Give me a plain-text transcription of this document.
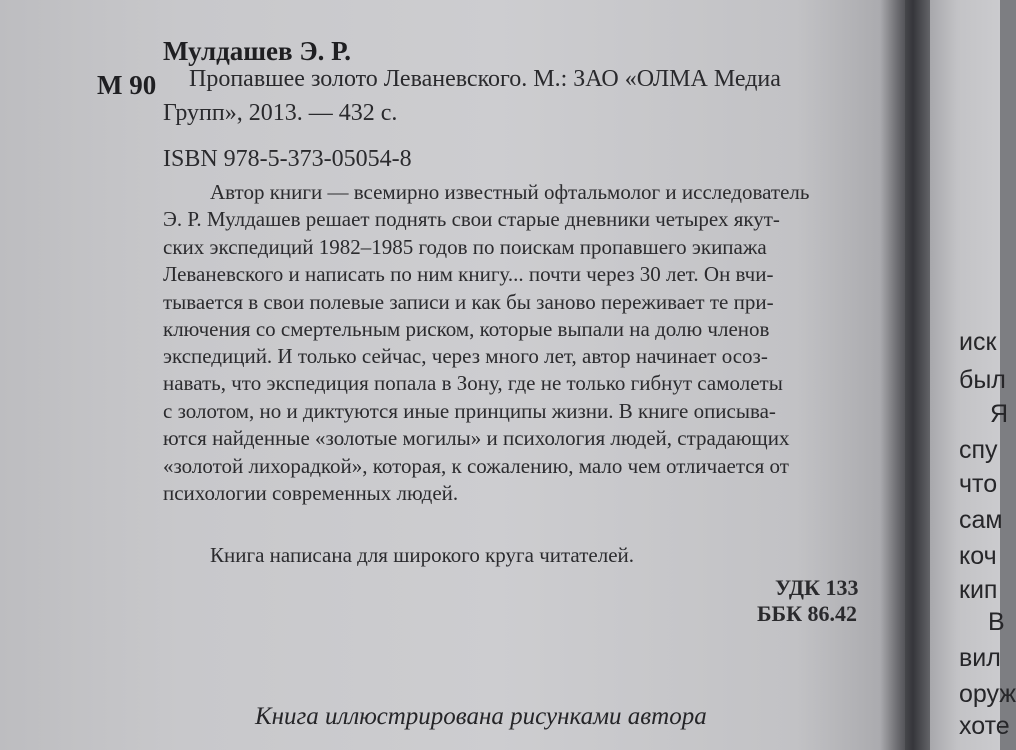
Мулдашев Э. Р.
М 90 Пропавшее золото Леваневского. М.: ЗАО «ОЛМА Медиа
Групп», 2013. — 432 с.
ISBN 978-5-373-05054-8
Автор книги — всемирно известный офтальмолог и исследователь
Э. Р. Мулдашев решает поднять свои старые дневники четырех якут-
ских экспедиций 1982–1985 годов по поискам пропавшего экипажа
Леваневского и написать по ним книгу... почти через 30 лет. Он вчи-
тывается в свои полевые записи и как бы заново переживает те при-
ключения со смертельным риском, которые выпали на долю членов
экспедиций. И только сейчас, через много лет, автор начинает осоз-
навать, что экспедиция попала в Зону, где не только гибнут самолеты
с золотом, но и диктуются иные принципы жизни. В книге описыва-
ются найденные «золотые могилы» и психология людей, страдающих
«золотой лихорадкой», которая, к сожалению, мало чем отличается от
психологии современных людей.
Книга написана для широкого круга читателей.
УДК 133
ББК 86.42
Книга иллюстрирована рисунками автора
иск
был
Я
спу
что
сам
коч
кип
В
вил
оруж
хоте
